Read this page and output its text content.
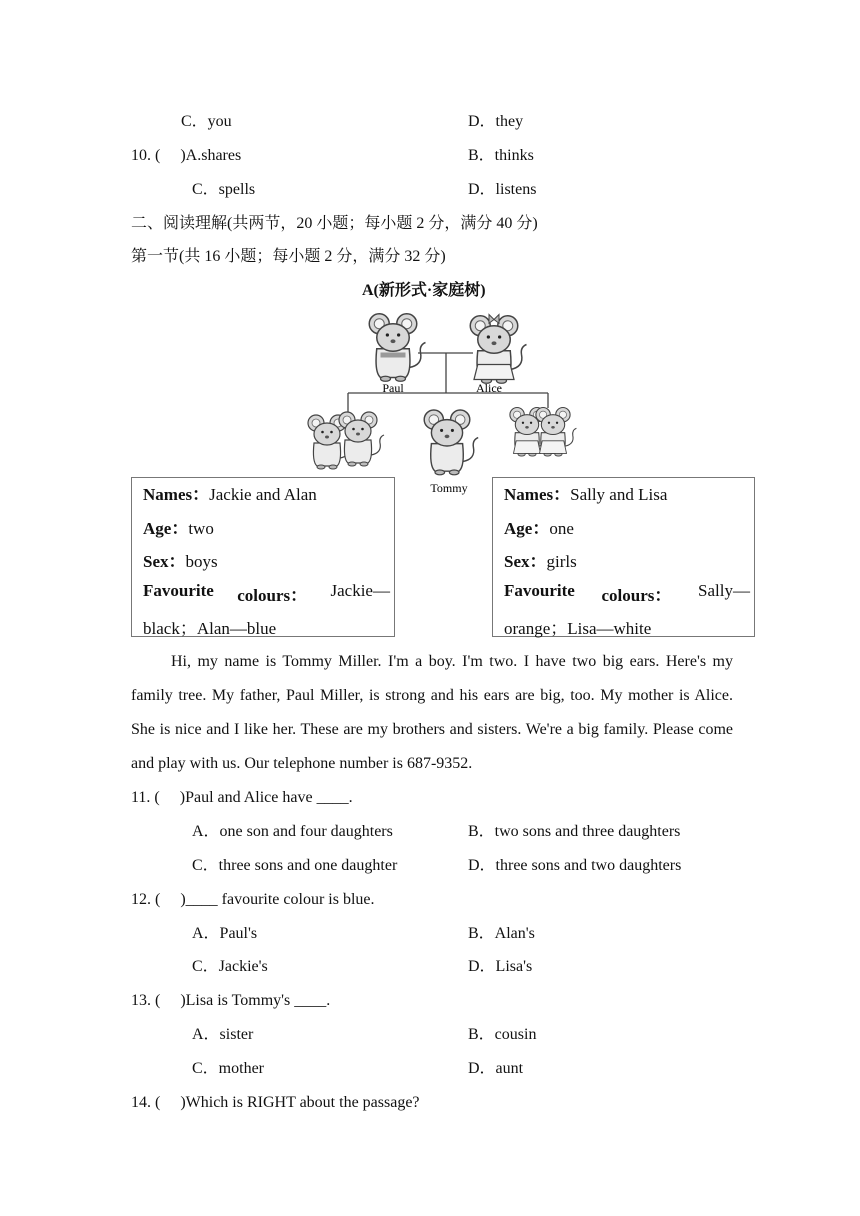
C．you	D．they
10. (　 )A.shares	B．thinks
C．spells	D．listens
二、阅读理解(共两节，20 小题；每小题 2 分，满分 40 分)
第一节(共 16 小题；每小题 2 分，满分 32 分)
A(新形式·家庭树)
Paul	Alice
Tommy
Names：Jackie and Alan
Age：two
Sex：boys
Favourite colours： Jackie—
black；Alan—blue
Names：Sally and Lisa
Age：one
Sex：girls
Favourite colours： Sally—
orange；Lisa—white
Hi, my name is Tommy Miller. I'm a boy. I'm two. I have two big ears. Here's my family tree. My father, Paul Miller, is strong and his ears are big, too. My mother is Alice. She is nice and I like her. These are my brothers and sisters. We're a big family. Please come and play with us. Our telephone number is 687-9352.
11. (　 )Paul and Alice have ____.
A．one son and four daughters	B．two sons and three daughters
C．three sons and one daughter	D．three sons and two daughters
12. (　 )____ favourite colour is blue.
A．Paul's	B．Alan's
C．Jackie's	D．Lisa's
13. (　 )Lisa is Tommy's ____.
A．sister	B．cousin
C．mother	D．aunt
14. (　 )Which is RIGHT about the passage?
